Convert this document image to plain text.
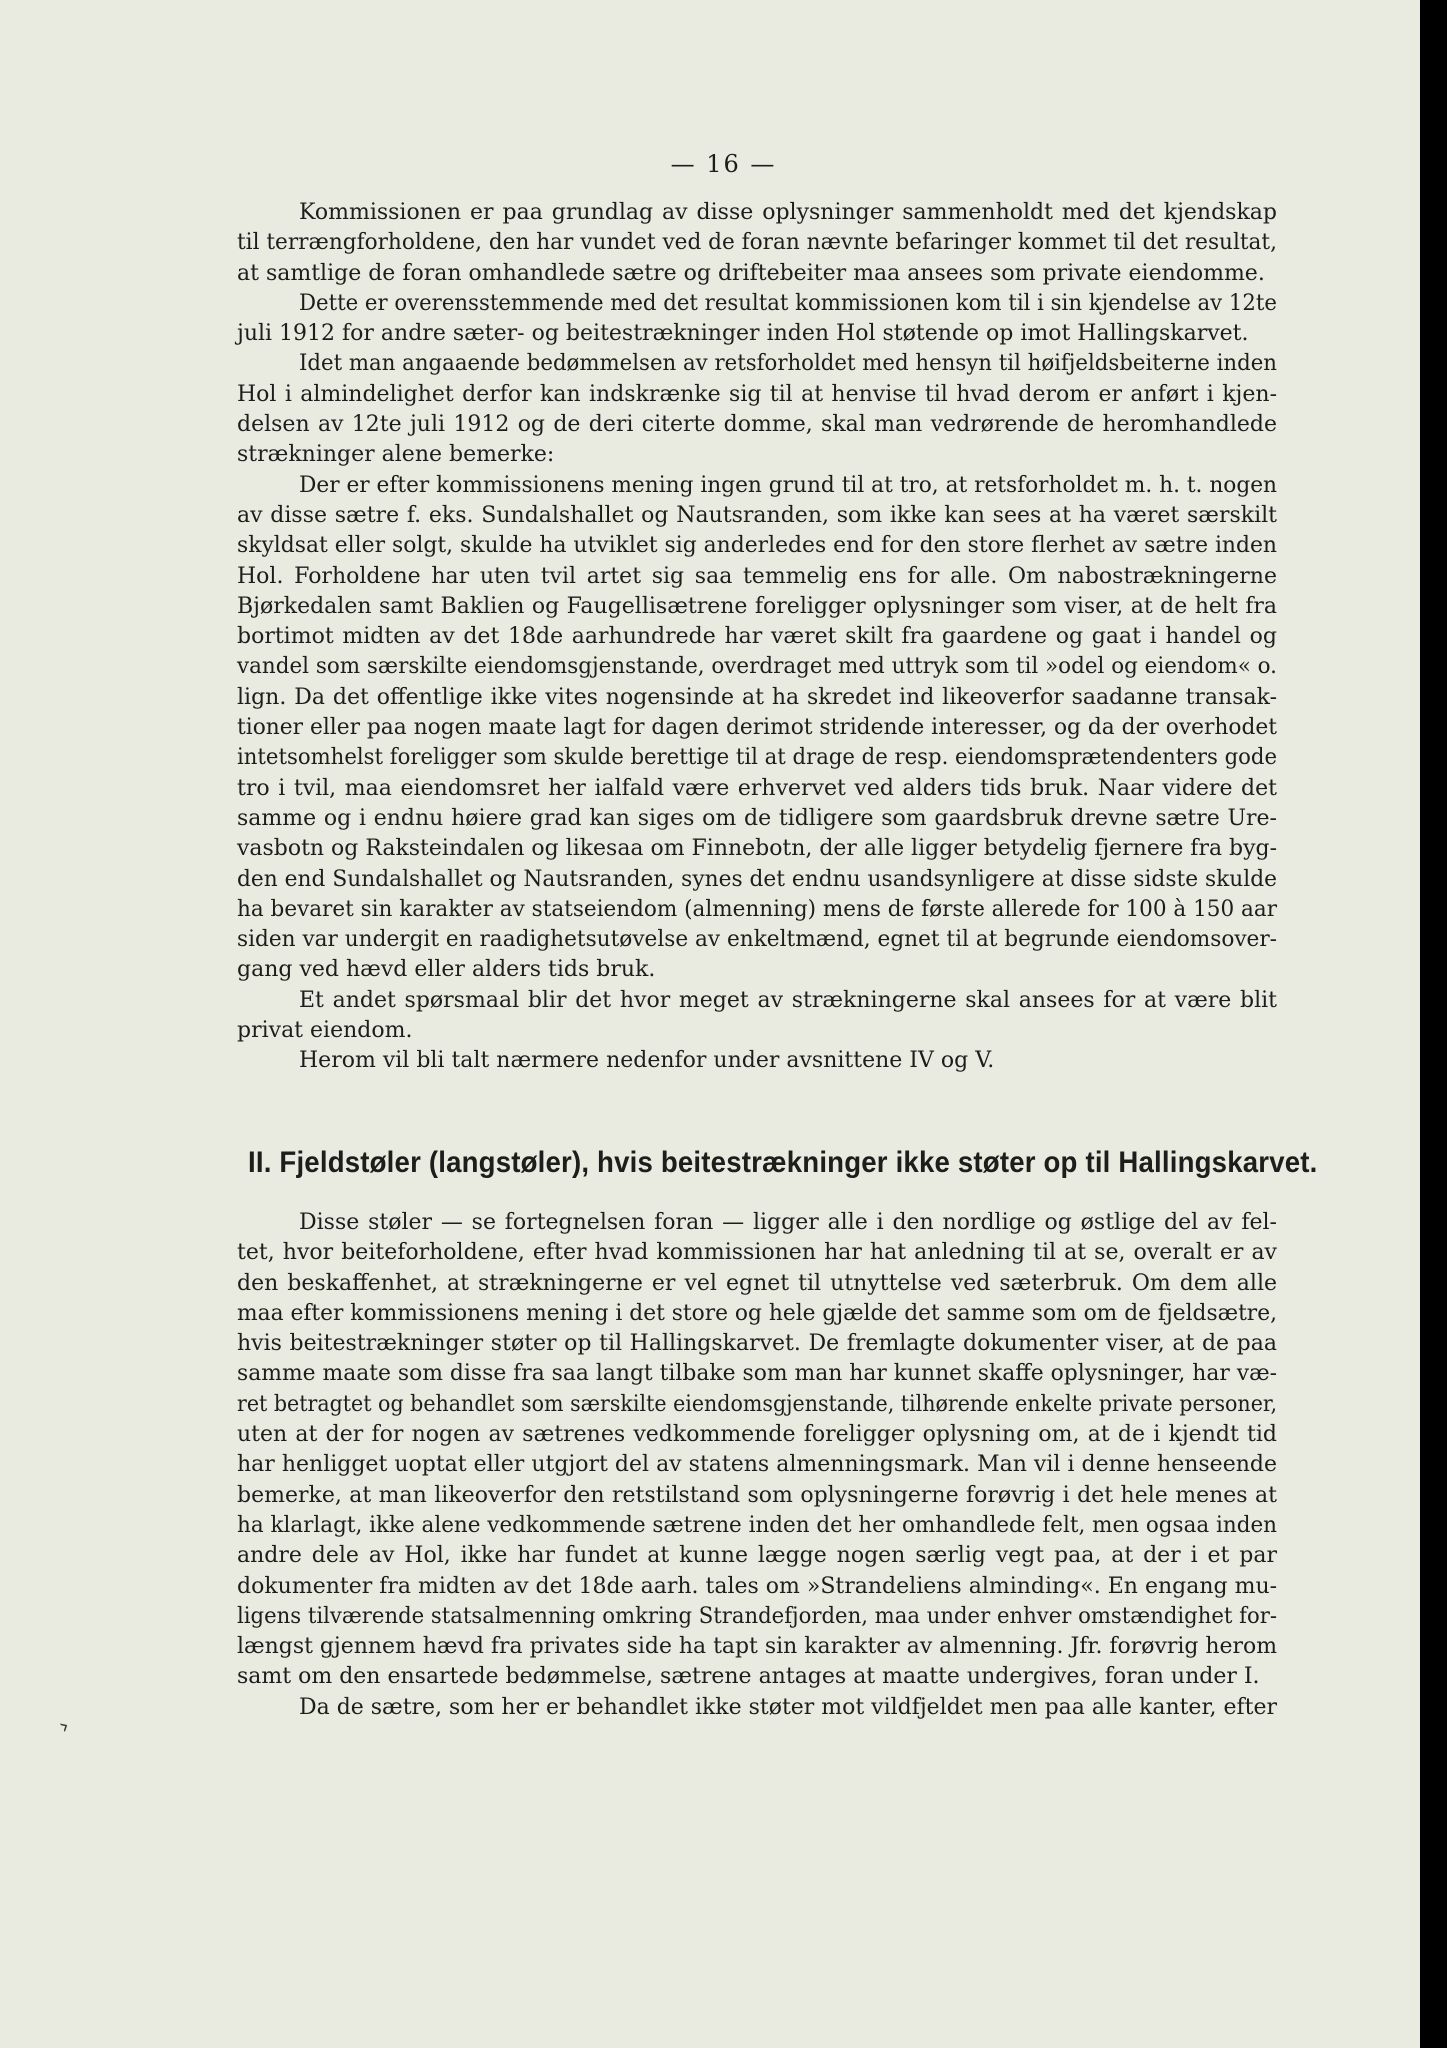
— 16 —
Kommissionen er paa grundlag av disse oplysninger sammenholdt med det kjendskap
til terrængforholdene, den har vundet ved de foran nævnte befaringer kommet til det resultat,
at samtlige de foran omhandlede sætre og driftebeiter maa ansees som private eiendomme.
Dette er overensstemmende med det resultat kommissionen kom til i sin kjendelse av 12te
juli 1912 for andre sæter- og beitestrækninger inden Hol støtende op imot Hallingskarvet.
Idet man angaaende bedømmelsen av retsforholdet med hensyn til høifjeldsbeiterne inden
Hol i almindelighet derfor kan indskrænke sig til at henvise til hvad derom er anført i kjen-
delsen av 12te juli 1912 og de deri citerte domme, skal man vedrørende de heromhandlede
strækninger alene bemerke:
Der er efter kommissionens mening ingen grund til at tro, at retsforholdet m. h. t. nogen
av disse sætre f. eks. Sundalshallet og Nautsranden, som ikke kan sees at ha været særskilt
skyldsat eller solgt, skulde ha utviklet sig anderledes end for den store flerhet av sætre inden
Hol. Forholdene har uten tvil artet sig saa temmelig ens for alle. Om nabostrækningerne
Bjørkedalen samt Baklien og Faugellisætrene foreligger oplysninger som viser, at de helt fra
bortimot midten av det 18de aarhundrede har været skilt fra gaardene og gaat i handel og
vandel som særskilte eiendomsgjenstande, overdraget med uttryk som til »odel og eiendom« o.
lign. Da det offentlige ikke vites nogensinde at ha skredet ind likeoverfor saadanne transak-
tioner eller paa nogen maate lagt for dagen derimot stridende interesser, og da der overhodet
intetsomhelst foreligger som skulde berettige til at drage de resp. eiendomsprætendenters gode
tro i tvil, maa eiendomsret her ialfald være erhvervet ved alders tids bruk. Naar videre det
samme og i endnu høiere grad kan siges om de tidligere som gaardsbruk drevne sætre Ure-
vasbotn og Raksteindalen og likesaa om Finnebotn, der alle ligger betydelig fjernere fra byg-
den end Sundalshallet og Nautsranden, synes det endnu usandsynligere at disse sidste skulde
ha bevaret sin karakter av statseiendom (almenning) mens de første allerede for 100 à 150 aar
siden var undergit en raadighetsutøvelse av enkeltmænd, egnet til at begrunde eiendomsover-
gang ved hævd eller alders tids bruk.
Et andet spørsmaal blir det hvor meget av strækningerne skal ansees for at være blit
privat eiendom.
Herom vil bli talt nærmere nedenfor under avsnittene IV og V.
II. Fjeldstøler (langstøler), hvis beitestrækninger ikke støter op til Hallingskarvet.
Disse støler — se fortegnelsen foran — ligger alle i den nordlige og østlige del av fel-
tet, hvor beiteforholdene, efter hvad kommissionen har hat anledning til at se, overalt er av
den beskaffenhet, at strækningerne er vel egnet til utnyttelse ved sæterbruk. Om dem alle
maa efter kommissionens mening i det store og hele gjælde det samme som om de fjeldsætre,
hvis beitestrækninger støter op til Hallingskarvet. De fremlagte dokumenter viser, at de paa
samme maate som disse fra saa langt tilbake som man har kunnet skaffe oplysninger, har væ-
ret betragtet og behandlet som særskilte eiendomsgjenstande, tilhørende enkelte private personer,
uten at der for nogen av sætrenes vedkommende foreligger oplysning om, at de i kjendt tid
har henligget uoptat eller utgjort del av statens almenningsmark. Man vil i denne henseende
bemerke, at man likeoverfor den retstilstand som oplysningerne forøvrig i det hele menes at
ha klarlagt, ikke alene vedkommende sætrene inden det her omhandlede felt, men ogsaa inden
andre dele av Hol, ikke har fundet at kunne lægge nogen særlig vegt paa, at der i et par
dokumenter fra midten av det 18de aarh. tales om »Strandeliens alminding«. En engang mu-
ligens tilværende statsalmenning omkring Strandefjorden, maa under enhver omstændighet for-
længst gjennem hævd fra privates side ha tapt sin karakter av almenning. Jfr. forøvrig herom
samt om den ensartede bedømmelse, sætrene antages at maatte undergives, foran under I.
Da de sætre, som her er behandlet ikke støter mot vildfjeldet men paa alle kanter, efter
›
